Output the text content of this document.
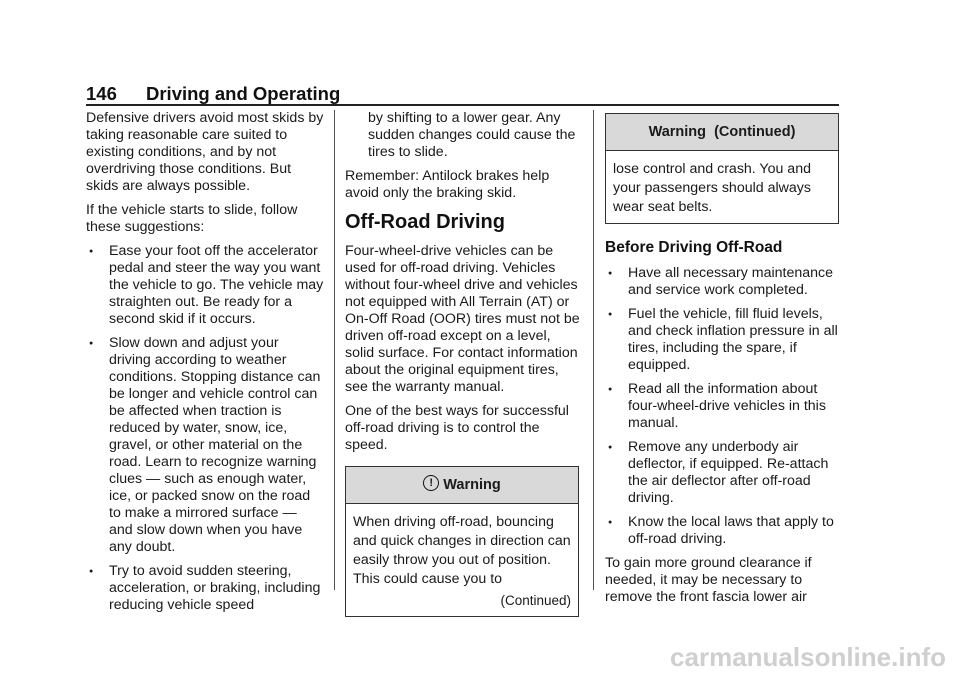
146 Driving and Operating

Defensive drivers avoid most skids by taking reasonable care suited to existing conditions, and by not overdriving those conditions. But skids are always possible.

If the vehicle starts to slide, follow these suggestions:

● Ease your foot off the accelerator pedal and steer the way you want the vehicle to go. The vehicle may straighten out. Be ready for a second skid if it occurs.
● Slow down and adjust your driving according to weather conditions. Stopping distance can be longer and vehicle control can be affected when traction is reduced by water, snow, ice, gravel, or other material on the road. Learn to recognize warning clues — such as enough water, ice, or packed snow on the road to make a mirrored surface — and slow down when you have any doubt.
● Try to avoid sudden steering, acceleration, or braking, including reducing vehicle speed
by shifting to a lower gear. Any sudden changes could cause the tires to slide.

Remember: Antilock brakes help avoid only the braking skid.

Off-Road Driving

Four-wheel-drive vehicles can be used for off-road driving. Vehicles without four-wheel drive and vehicles not equipped with All Terrain (AT) or On-Off Road (OOR) tires must not be driven off-road except on a level, solid surface. For contact information about the original equipment tires, see the warranty manual.

One of the best ways for successful off-road driving is to control the speed.

! Warning
When driving off-road, bouncing and quick changes in direction can easily throw you out of position. This could cause you to
(Continued)
Warning  (Continued)
lose control and crash. You and your passengers should always wear seat belts.
Before Driving Off-Road
● Have all necessary maintenance and service work completed.
● Fuel the vehicle, fill fluid levels, and check inflation pressure in all tires, including the spare, if equipped.
● Read all the information about four-wheel-drive vehicles in this manual.
● Remove any underbody air deflector, if equipped. Re-attach the air deflector after off-road driving.
● Know the local laws that apply to off-road driving.

To gain more ground clearance if needed, it may be necessary to remove the front fascia lower air

carmanualsonline.info
